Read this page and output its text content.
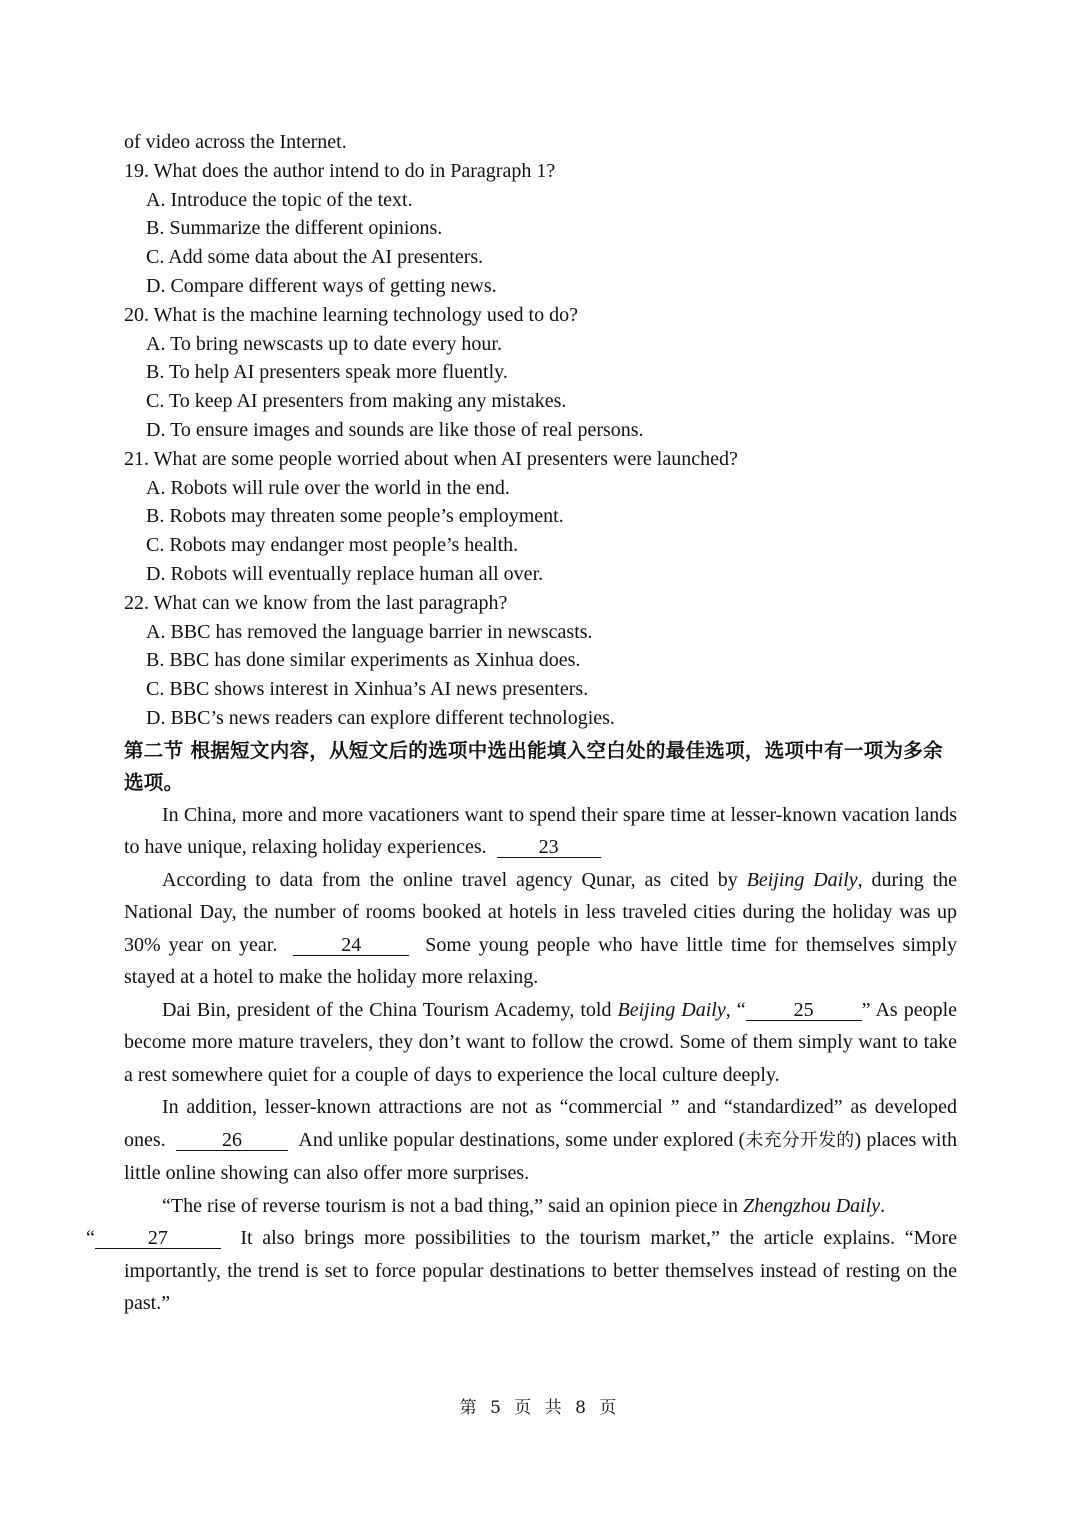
of video across the Internet.
19. What does the author intend to do in Paragraph 1?
A. Introduce the topic of the text.
B. Summarize the different opinions.
C. Add some data about the AI presenters.
D. Compare different ways of getting news.
20. What is the machine learning technology used to do?
A. To bring newscasts up to date every hour.
B. To help AI presenters speak more fluently.
C. To keep AI presenters from making any mistakes.
D. To ensure images and sounds are like those of real persons.
21. What are some people worried about when AI presenters were launched?
A. Robots will rule over the world in the end.
B. Robots may threaten some people’s employment.
C. Robots may endanger most people’s health.
D. Robots will eventually replace human all over.
22. What can we know from the last paragraph?
A. BBC has removed the language barrier in newscasts.
B. BBC has done similar experiments as Xinhua does.
C. BBC shows interest in Xinhua’s AI news presenters.
D. BBC’s news readers can explore different technologies.
第二节 根据短文内容，从短文后的选项中选出能填入空白处的最佳选项，选项中有一项为多余选项。

In China, more and more vacationers want to spend their spare time at lesser-known vacation lands to have unique, relaxing holiday experiences.	23

According to data from the online travel agency Qunar, as cited by Beijing Daily, during the National Day, the number of rooms booked at hotels in less traveled cities during the holiday was up 30% year on year.	24	Some young people who have little time for themselves simply stayed at a hotel to make the holiday more relaxing.

Dai Bin, president of the China Tourism Academy, told Beijing Daily, “ 25 ” As people become more mature travelers, they don’t want to follow the crowd. Some of them simply want to take a rest somewhere quiet for a couple of days to experience the local culture deeply.

In addition, lesser-known attractions are not as “commercial ” and “standardized” as developed ones.	26	And unlike popular destinations, some under explored (未充分开发的) places with little online showing can also offer more surprises.

“The rise of reverse tourism is not a bad thing,” said an opinion piece in Zhengzhou Daily.
“	27	It also brings more possibilities to the tourism market,” the article explains. “More importantly, the trend is set to force popular destinations to better themselves instead of resting on the past.”

第 5 页 共 8 页
